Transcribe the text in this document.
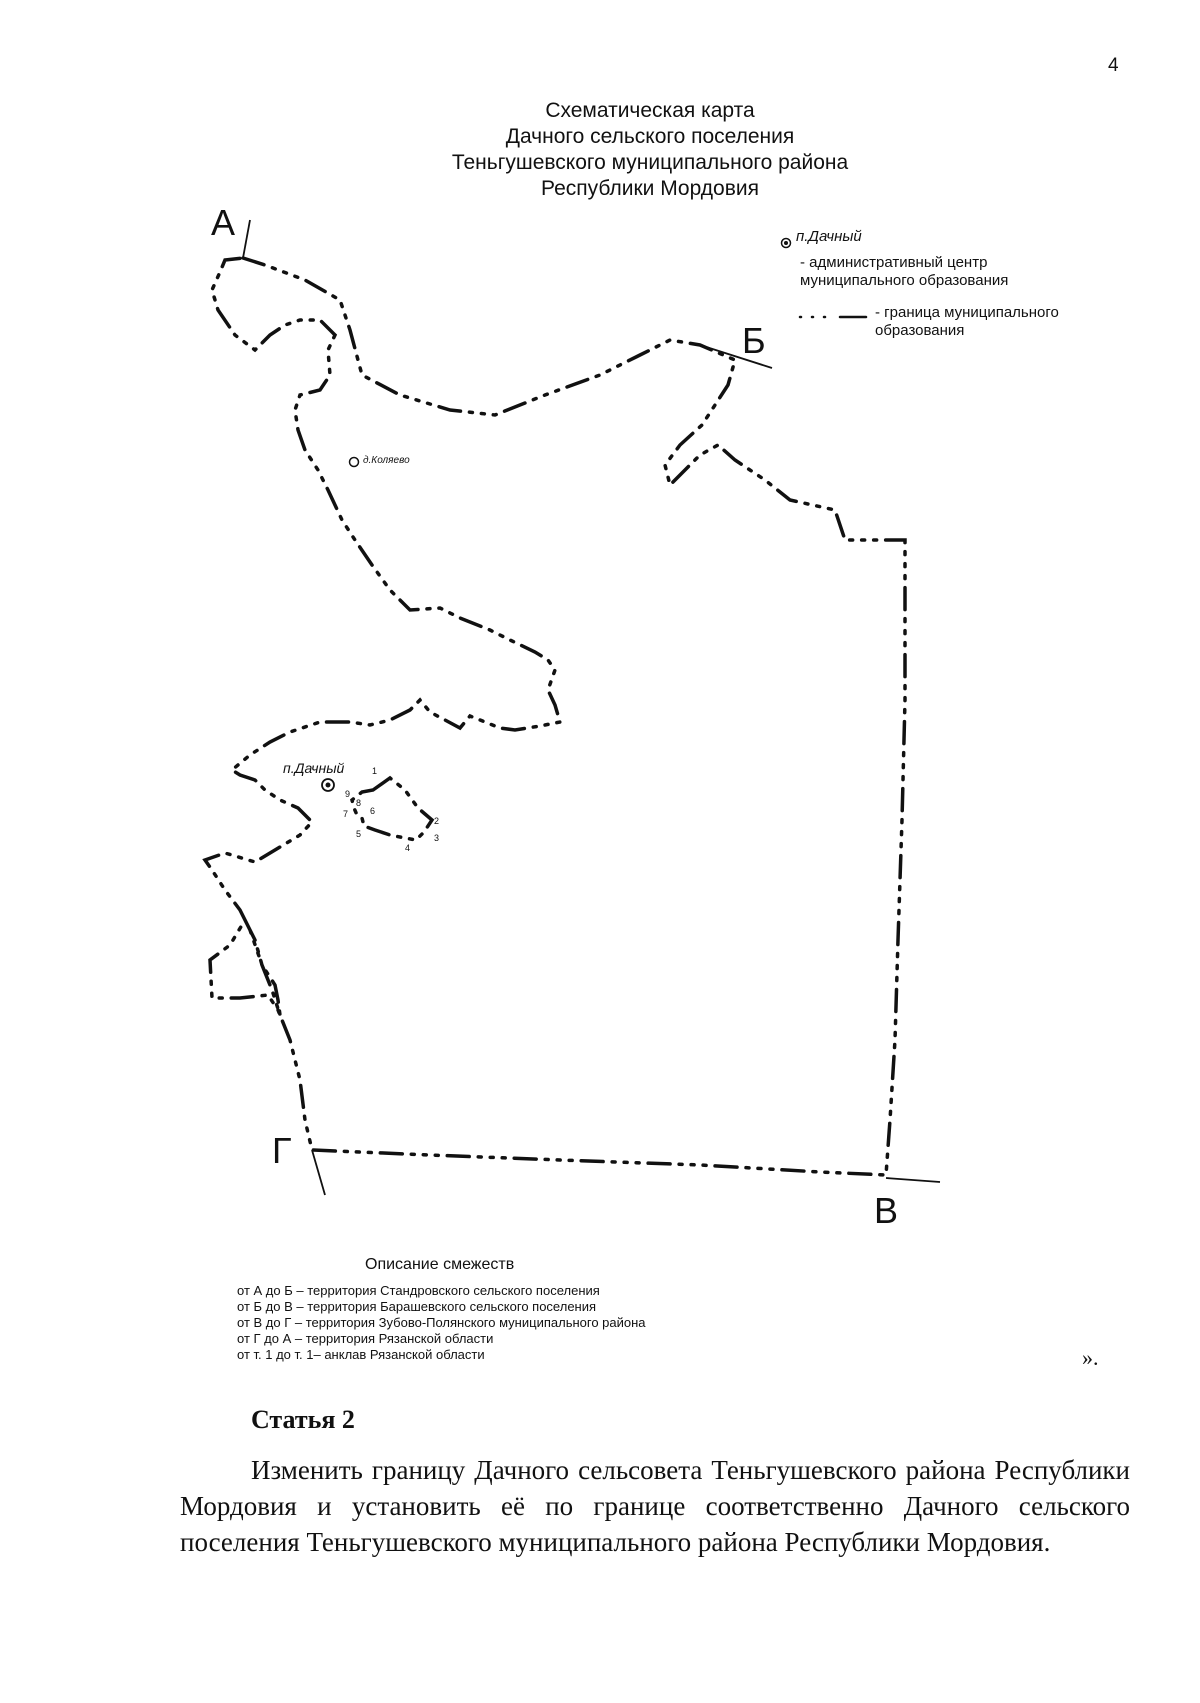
4
Схематическая карта
Дачного сельского поселения
Теньгушевского муниципального района
Республики Мордовия
А
Б
В
Г
д.Коляево
п.Дачный	1
2
3
4
5
6
7
8
9
п.Дачный
- административный центр муниципального образования
- граница муниципального образования
Описание смежеств
от А до Б – территория Стандровского сельского поселения
от Б до В – территория Барашевского сельского поселения
от В до Г – территория Зубово-Полянского муниципального района
от Г до А – территория Рязанской области
от т. 1 до т. 1– анклав Рязанской области	».
Статья 2
Изменить границу Дачного сельсовета Теньгушевского района Республики Мордовия и установить её по границе соответственно Дачного сельского поселения Теньгушевского муниципального района Республики Мордовия.
